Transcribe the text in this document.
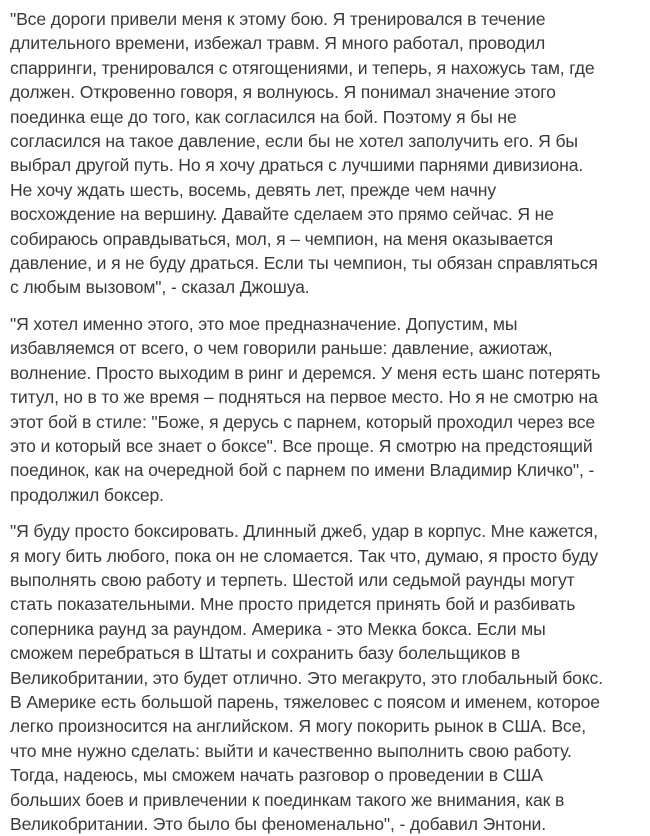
"Все дороги привели меня к этому бою. Я тренировался в течение
длительного времени, избежал травм. Я много работал, проводил
спарринги, тренировался с отягощениями, и теперь, я нахожусь там, где
должен. Откровенно говоря, я волнуюсь. Я понимал значение этого
поединка еще до того, как согласился на бой. Поэтому я бы не
согласился на такое давление, если бы не хотел заполучить его. Я бы
выбрал другой путь. Но я хочу драться с лучшими парнями дивизиона.
Не хочу ждать шесть, восемь, девять лет, прежде чем начну
восхождение на вершину. Давайте сделаем это прямо сейчас. Я не
собираюсь оправдываться, мол, я – чемпион, на меня оказывается
давление, и я не буду драться. Если ты чемпион, ты обязан справляться
с любым вызовом", - сказал Джошуа.

"Я хотел именно этого, это мое предназначение. Допустим, мы
избавляемся от всего, о чем говорили раньше: давление, ажиотаж,
волнение. Просто выходим в ринг и деремся. У меня есть шанс потерять
титул, но в то же время – подняться на первое место. Но я не смотрю на
этот бой в стиле: "Боже, я дерусь с парнем, который проходил через все
это и который все знает о боксе". Все проще. Я смотрю на предстоящий
поединок, как на очередной бой с парнем по имени Владимир Кличко", -
продолжил боксер.

"Я буду просто боксировать. Длинный джеб, удар в корпус. Мне кажется,
я могу бить любого, пока он не сломается. Так что, думаю, я просто буду
выполнять свою работу и терпеть. Шестой или седьмой раунды могут
стать показательными. Мне просто придется принять бой и разбивать
соперника раунд за раундом. Америка - это Мекка бокса. Если мы
сможем перебраться в Штаты и сохранить базу болельщиков в
Великобритании, это будет отлично. Это мегакруто, это глобальный бокс.
В Америке есть большой парень, тяжеловес с поясом и именем, которое
легко произносится на английском. Я могу покорить рынок в США. Все,
что мне нужно сделать: выйти и качественно выполнить свою работу.
Тогда, надеюсь, мы сможем начать разговор о проведении в США
больших боев и привлечении к поединкам такого же внимания, как в
Великобритании. Это было бы феноменально", - добавил Энтони.
